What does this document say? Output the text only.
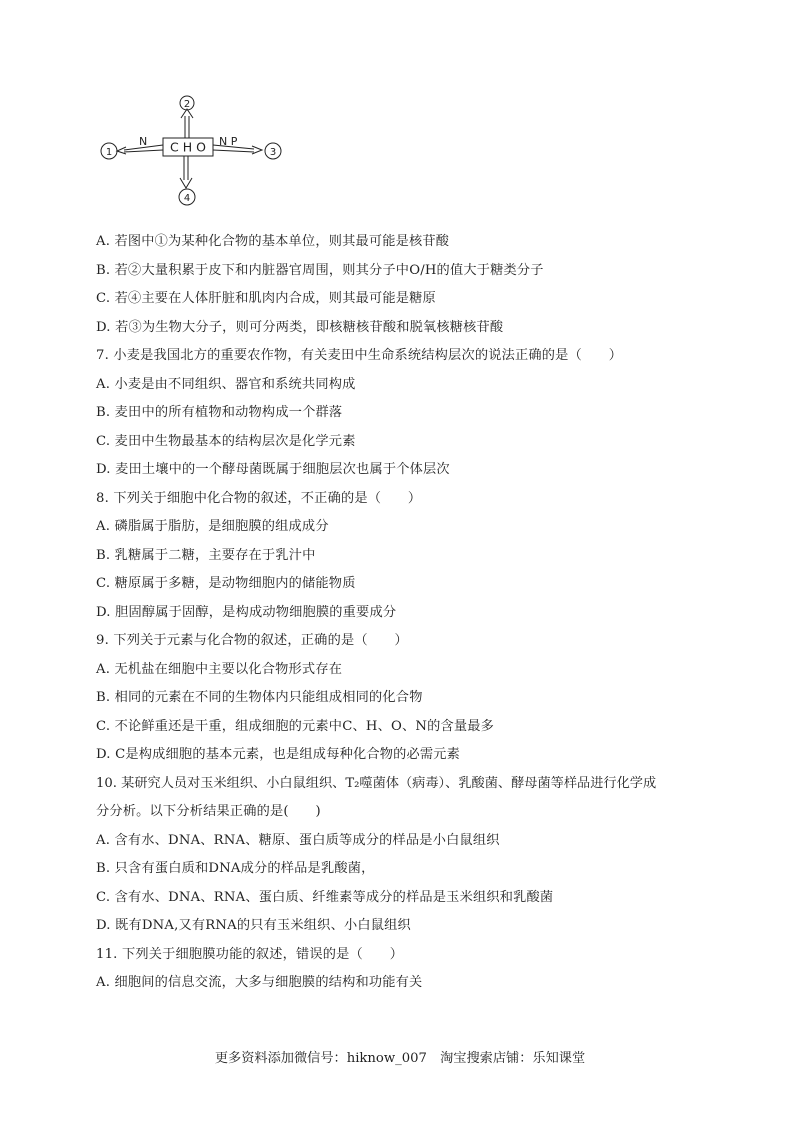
C H O
N	N P
1
2
3
4
A. 若图中①为某种化合物的基本单位，则其最可能是核苷酸
B. 若②大量积累于皮下和内脏器官周围，则其分子中O/H的值大于糖类分子
C. 若④主要在人体肝脏和肌肉内合成，则其最可能是糖原
D. 若③为生物大分子，则可分两类，即核糖核苷酸和脱氧核糖核苷酸
7. 小麦是我国北方的重要农作物，有关麦田中生命系统结构层次的说法正确的是（　　）
A. 小麦是由不同组织、器官和系统共同构成
B. 麦田中的所有植物和动物构成一个群落
C. 麦田中生物最基本的结构层次是化学元素
D. 麦田土壤中的一个酵母菌既属于细胞层次也属于个体层次
8. 下列关于细胞中化合物的叙述，不正确的是（　　）
A. 磷脂属于脂肪，是细胞膜的组成成分
B. 乳糖属于二糖，主要存在于乳汁中
C. 糖原属于多糖，是动物细胞内的储能物质
D. 胆固醇属于固醇，是构成动物细胞膜的重要成分
9. 下列关于元素与化合物的叙述，正确的是（　　）
A. 无机盐在细胞中主要以化合物形式存在
B. 相同的元素在不同的生物体内只能组成相同的化合物
C. 不论鲜重还是干重，组成细胞的元素中C、H、O、N的含量最多
D. C是构成细胞的基本元素，也是组成每种化合物的必需元素
10. 某研究人员对玉米组织、小白鼠组织、T₂噬菌体（病毒）、乳酸菌、酵母菌等样品进行化学成
分分析。以下分析结果正确的是(　　)
A. 含有水、DNA、RNA、糖原、蛋白质等成分的样品是小白鼠组织
B. 只含有蛋白质和DNA成分的样品是乳酸菌，
C. 含有水、DNA、RNA、蛋白质、纤维素等成分的样品是玉米组织和乳酸菌
D. 既有DNA,又有RNA的只有玉米组织、小白鼠组织
11. 下列关于细胞膜功能的叙述，错误的是（　　）
A. 细胞间的信息交流，大多与细胞膜的结构和功能有关
更多资料添加微信号：hiknow_007　淘宝搜索店铺：乐知课堂
